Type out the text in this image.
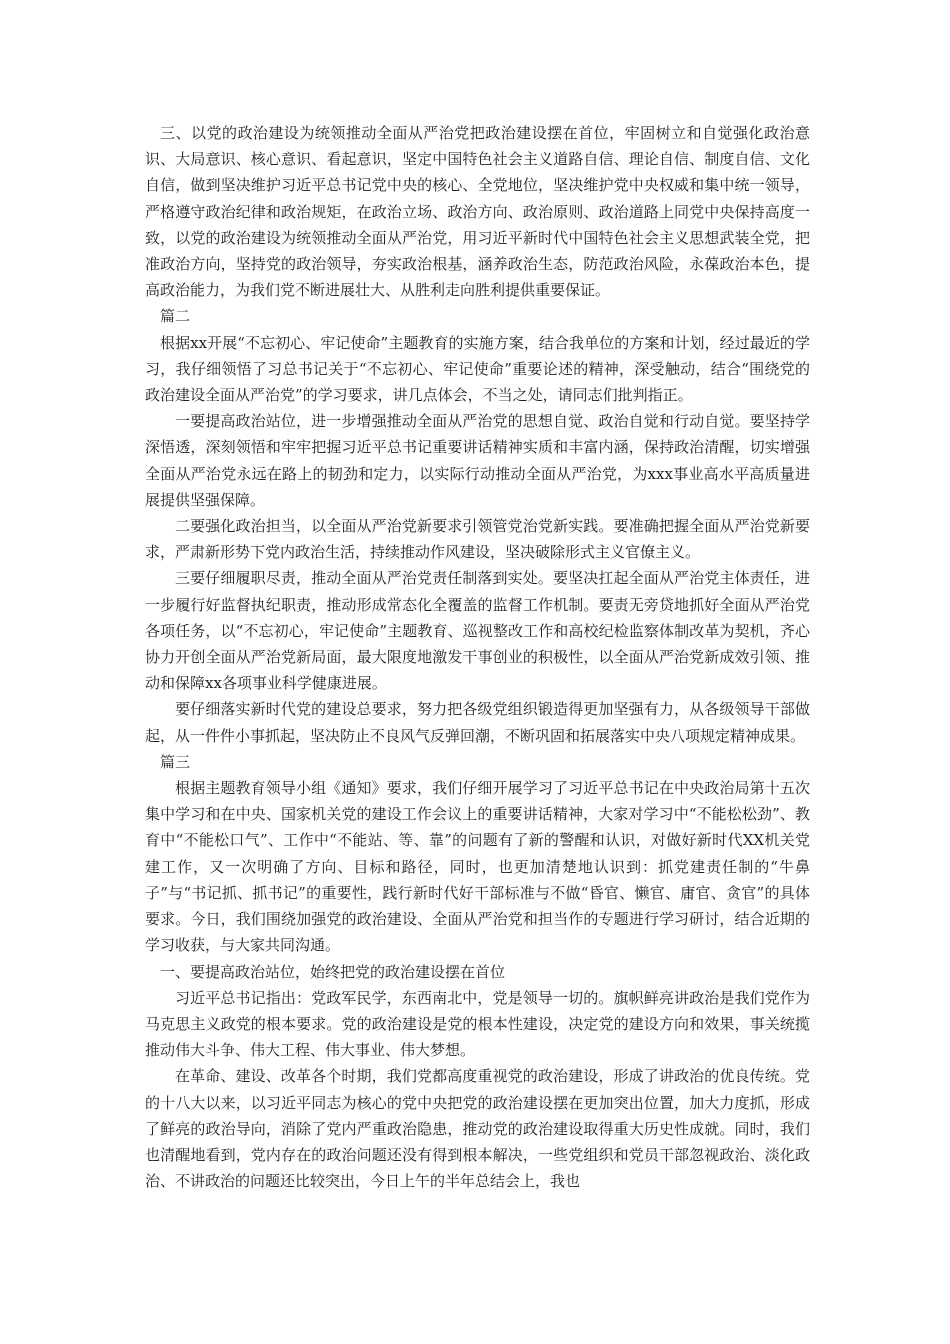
三、以党的政治建设为统领推动全面从严治党把政治建设摆在首位，牢固树立和自觉强化政治意识、大局意识、核心意识、看起意识，坚定中国特色社会主义道路自信、理论自信、制度自信、文化自信，做到坚决维护习近平总书记党中央的核心、全党地位，坚决维护党中央权威和集中统一领导，严格遵守政治纪律和政治规矩，在政治立场、政治方向、政治原则、政治道路上同党中央保持高度一致，以党的政治建设为统领推动全面从严治党，用习近平新时代中国特色社会主义思想武装全党，把准政治方向，坚持党的政治领导，夯实政治根基，涵养政治生态，防范政治风险，永葆政治本色，提高政治能力，为我们党不断进展壮大、从胜利走向胜利提供重要保证。

篇二

根据xx开展“不忘初心、牢记使命”主题教育的实施方案，结合我单位的方案和计划，经过最近的学习，我仔细领悟了习总书记关于“不忘初心、牢记使命”重要论述的精神，深受触动，结合“围绕党的政治建设全面从严治党”的学习要求，讲几点体会，不当之处，请同志们批判指正。

一要提高政治站位，进一步增强推动全面从严治党的思想自觉、政治自觉和行动自觉。要坚持学深悟透，深刻领悟和牢牢把握习近平总书记重要讲话精神实质和丰富内涵，保持政治清醒，切实增强全面从严治党永远在路上的韧劲和定力，以实际行动推动全面从严治党，为xxx事业高水平高质量进展提供坚强保障。

二要强化政治担当，以全面从严治党新要求引领管党治党新实践。要准确把握全面从严治党新要求，严肃新形势下党内政治生活，持续推动作风建设，坚决破除形式主义官僚主义。

三要仔细履职尽责，推动全面从严治党责任制落到实处。要坚决扛起全面从严治党主体责任，进一步履行好监督执纪职责，推动形成常态化全覆盖的监督工作机制。要责无旁贷地抓好全面从严治党各项任务，以“不忘初心，牢记使命”主题教育、巡视整改工作和高校纪检监察体制改革为契机，齐心协力开创全面从严治党新局面，最大限度地激发干事创业的积极性，以全面从严治党新成效引领、推动和保障xx各项事业科学健康进展。

要仔细落实新时代党的建设总要求，努力把各级党组织锻造得更加坚强有力，从各级领导干部做起，从一件件小事抓起，坚决防止不良风气反弹回潮，不断巩固和拓展落实中央八项规定精神成果。

篇三

根据主题教育领导小组《通知》要求，我们仔细开展学习了习近平总书记在中央政治局第十五次集中学习和在中央、国家机关党的建设工作会议上的重要讲话精神，大家对学习中“不能松松劲”、教育中“不能松口气”、工作中“不能站、等、靠”的问题有了新的警醒和认识，对做好新时代XX机关党建工作，又一次明确了方向、目标和路径，同时，也更加清楚地认识到：抓党建责任制的“牛鼻子”与“书记抓、抓书记”的重要性，践行新时代好干部标准与不做“昏官、懒官、庸官、贪官”的具体要求。今日，我们围绕加强党的政治建设、全面从严治党和担当作的专题进行学习研讨，结合近期的学习收获，与大家共同沟通。

一、要提高政治站位，始终把党的政治建设摆在首位

习近平总书记指出：党政军民学，东西南北中，党是领导一切的。旗帜鲜亮讲政治是我们党作为马克思主义政党的根本要求。党的政治建设是党的根本性建设，决定党的建设方向和效果，事关统揽推动伟大斗争、伟大工程、伟大事业、伟大梦想。

在革命、建设、改革各个时期，我们党都高度重视党的政治建设，形成了讲政治的优良传统。党的十八大以来，以习近平同志为核心的党中央把党的政治建设摆在更加突出位置，加大力度抓，形成了鲜亮的政治导向，消除了党内严重政治隐患，推动党的政治建设取得重大历史性成就。同时，我们也清醒地看到，党内存在的政治问题还没有得到根本解决，一些党组织和党员干部忽视政治、淡化政治、不讲政治的问题还比较突出，今日上午的半年总结会上，我也
